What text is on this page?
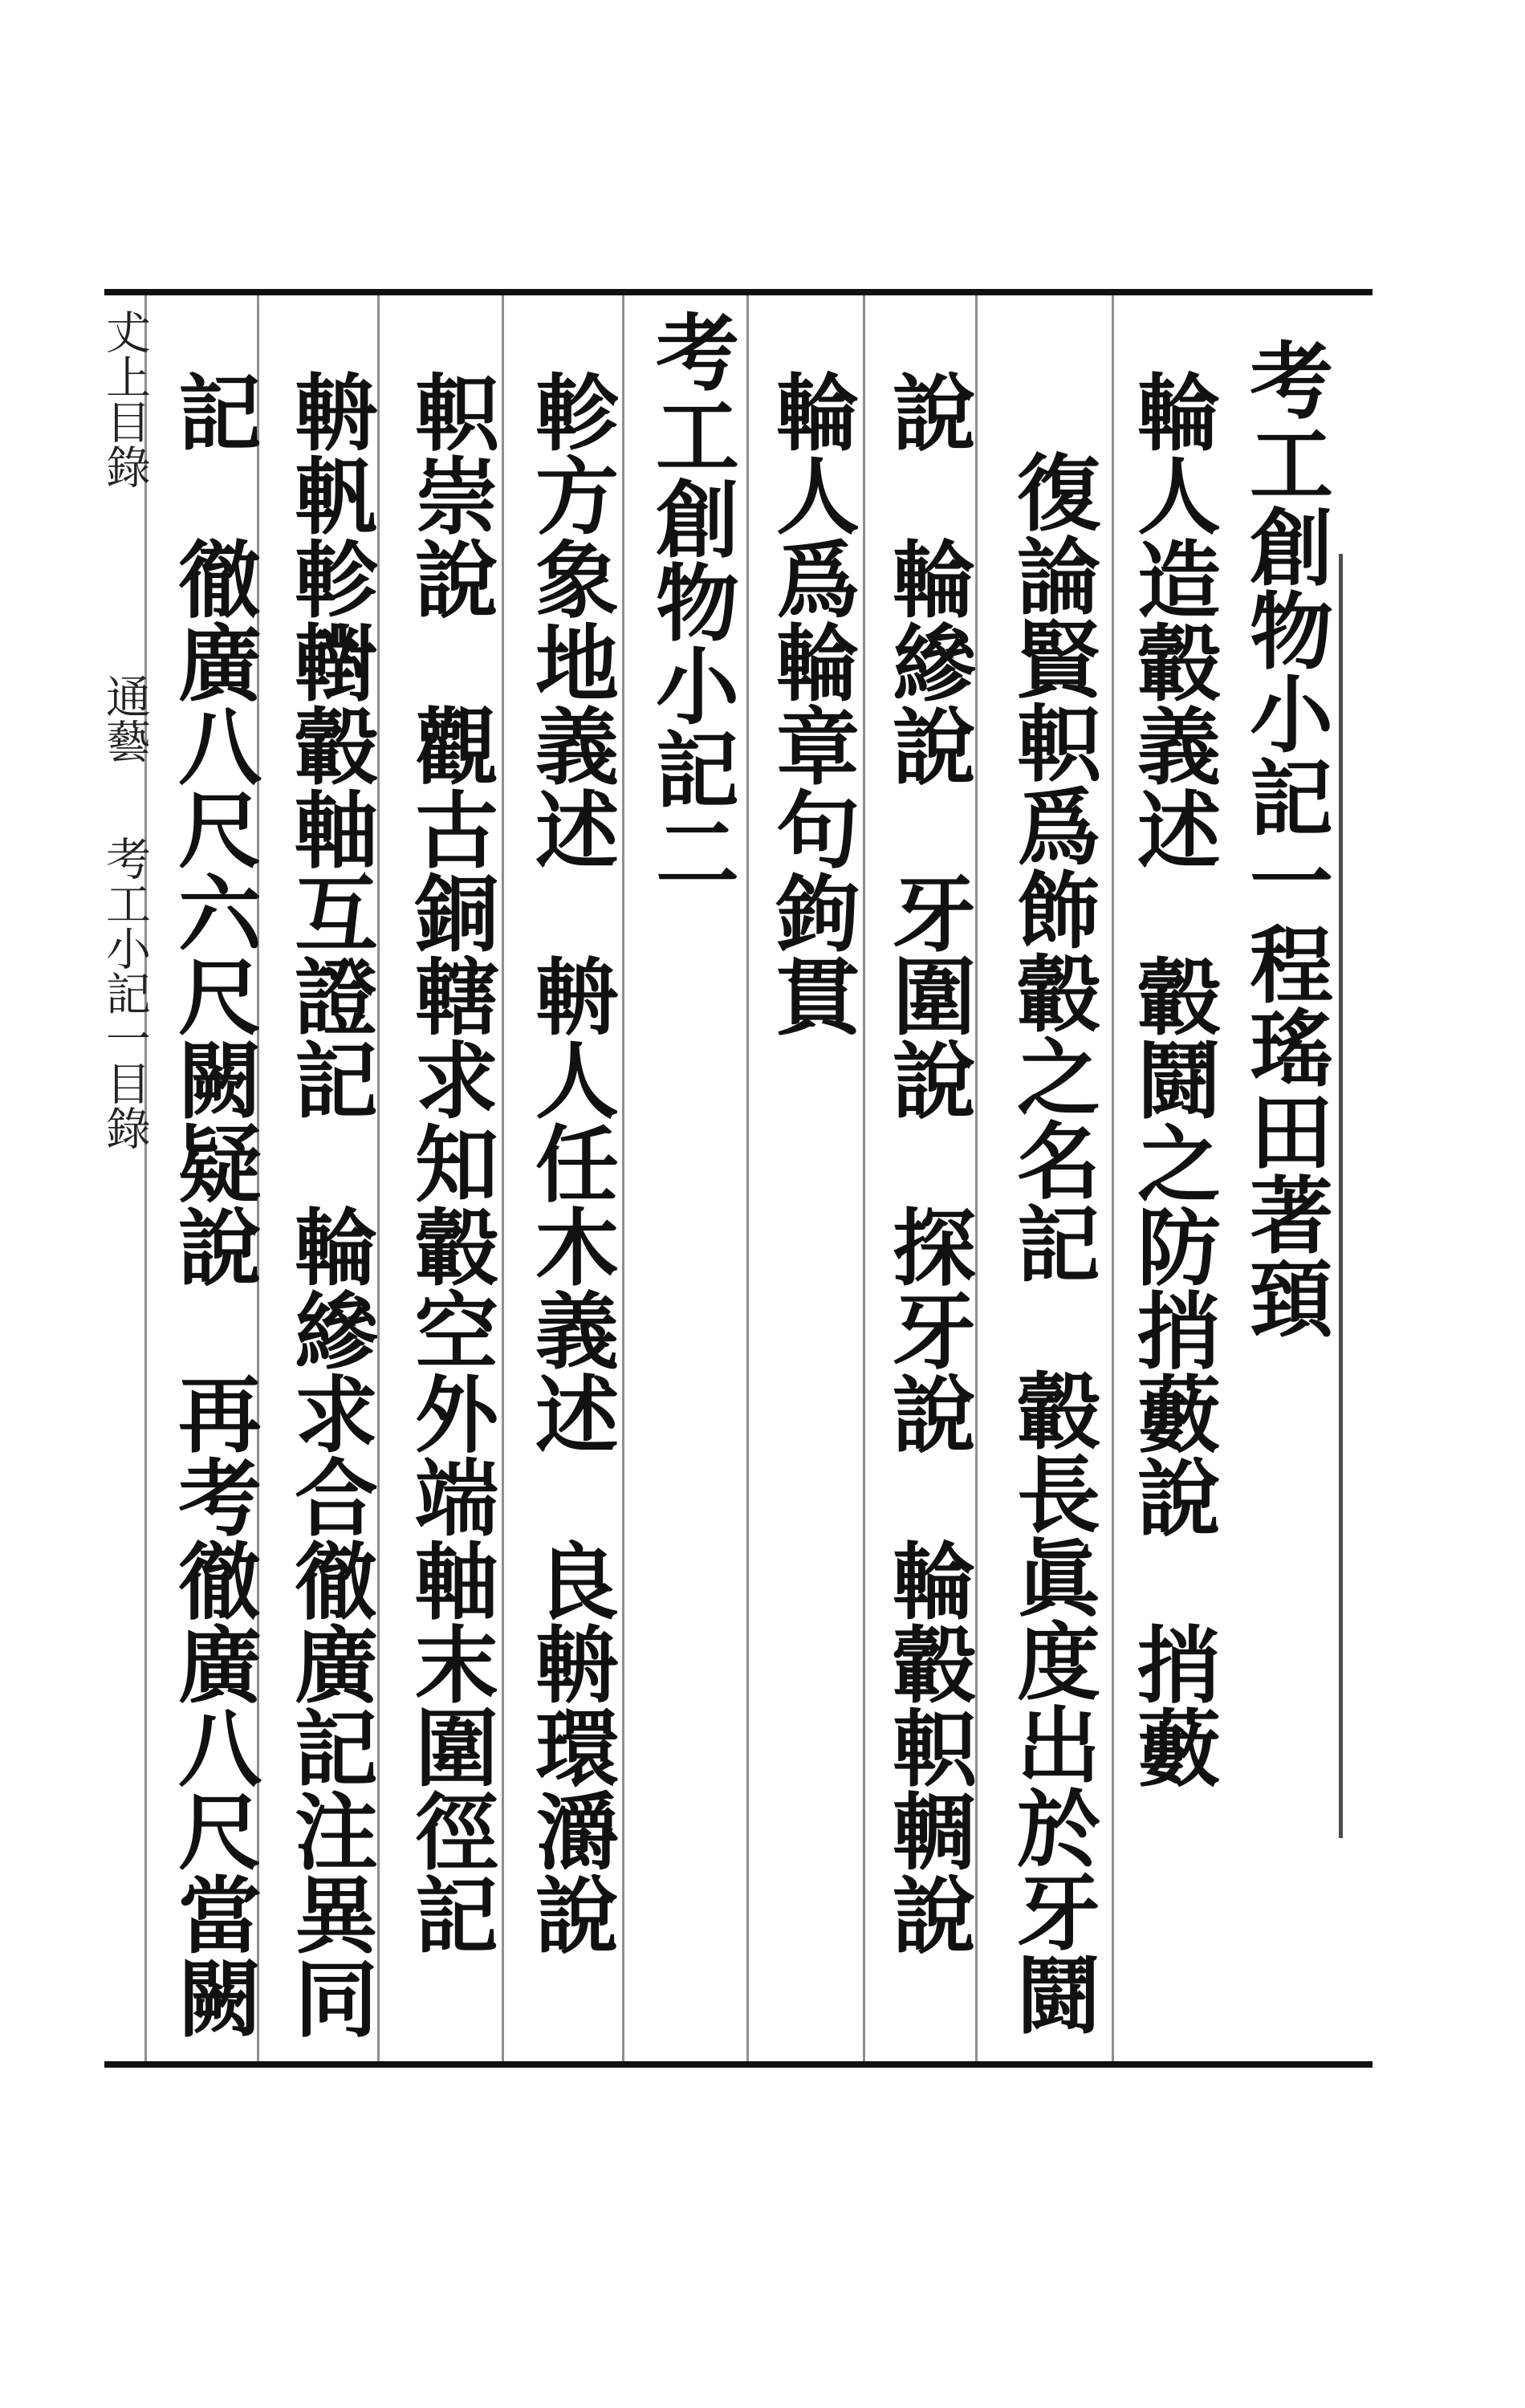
考工創物小記一程瑤田著𩒐
輪人造轂義述　轂鬪之防捎藪說　捎藪
復論賢軹爲飾轂之名記　轂長眞度出於牙鬪
說　輪縿說　牙圍說　探牙說　輪轂軹輖說
輪人爲輪章句鉤貫
考工創物小記二
軫方象地義述　輈人任木義述　良輈環灂說
軹崇說　觀古銅轄求知轂空外端軸末圍徑記
輈軓軫轛轂軸互證記　輪縿求合徹廣記注異同
記　徹廣八尺六尺闕疑說　再考徹廣八尺當闕
𠀋上目錄通藝考工小記一目錄
